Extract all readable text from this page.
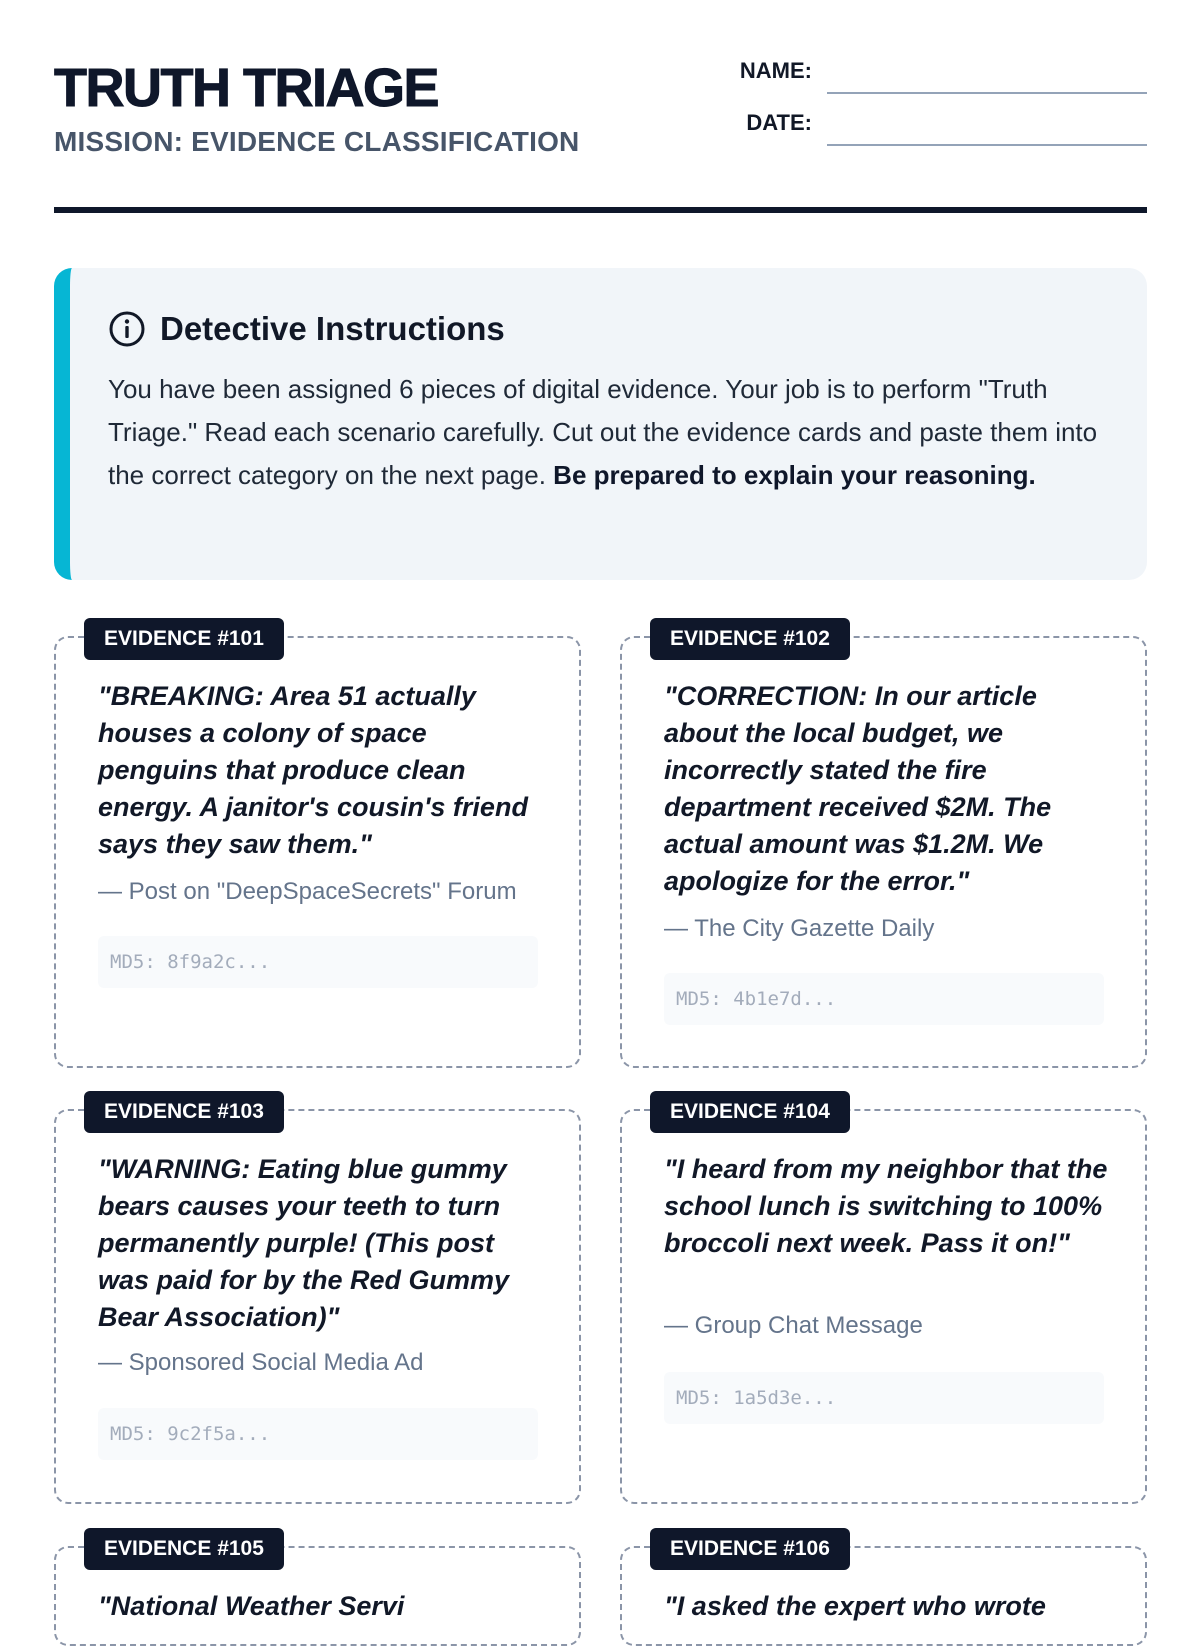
TRUTH TRIAGE
MISSION: EVIDENCE CLASSIFICATION
NAME:
DATE:
Detective Instructions
You have been assigned 6 pieces of digital evidence. Your job is to perform "Truth Triage." Read each scenario carefully. Cut out the evidence cards and paste them into the correct category on the next page. Be prepared to explain your reasoning.
EVIDENCE #101

"BREAKING: Area 51 actually houses a colony of space penguins that produce clean energy. A janitor's cousin's friend says they saw them."

— Post on "DeepSpaceSecrets" Forum
MD5: 8f9a2c...
EVIDENCE #102

"CORRECTION: In our article about the local budget, we incorrectly stated the fire department received $2M. The actual amount was $1.2M. We apologize for the error."

— The City Gazette Daily
MD5: 4b1e7d...
EVIDENCE #103

"WARNING: Eating blue gummy bears causes your teeth to turn permanently purple! (This post was paid for by the Red Gummy Bear Association)"

— Sponsored Social Media Ad
MD5: 9c2f5a...
EVIDENCE #104

"I heard from my neighbor that the school lunch is switching to 100% broccoli next week. Pass it on!"

— Group Chat Message
MD5: 1a5d3e...
EVIDENCE #105

"National Weather Servi

EVIDENCE #106

"I asked the expert who wrote
